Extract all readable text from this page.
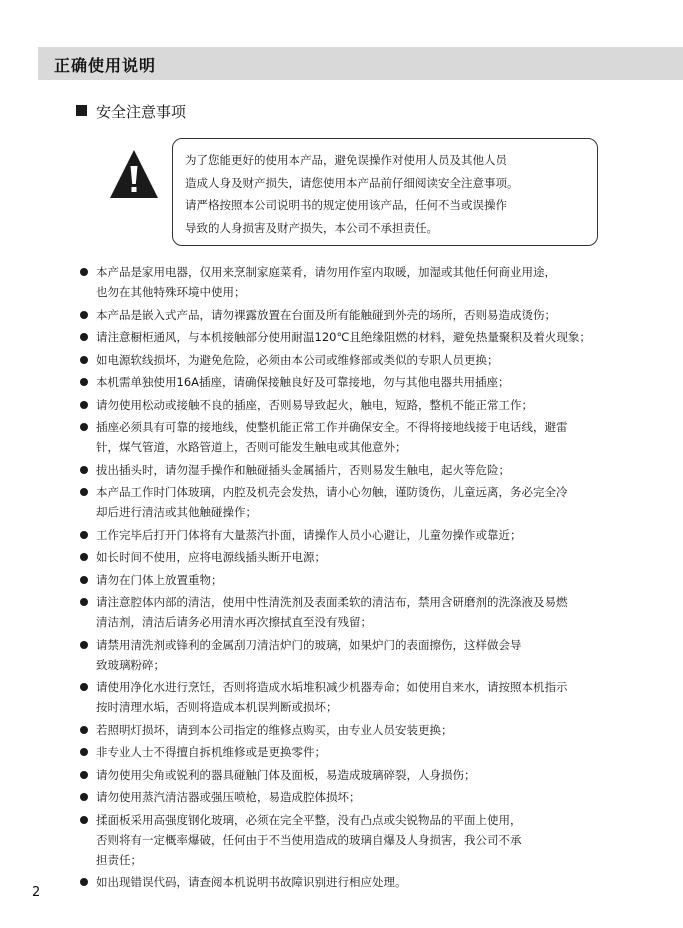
正确使用说明
安全注意事项
为了您能更好的使用本产品，避免误操作对使用人员及其他人员
造成人身及财产损失，请您使用本产品前仔细阅读安全注意事项。
请严格按照本公司说明书的规定使用该产品，任何不当或误操作
导致的人身损害及财产损失，本公司不承担责任。
本产品是家用电器，仅用来烹制家庭菜肴，请勿用作室内取暖，加湿或其他任何商业用途，
也勿在其他特殊环境中使用；
本产品是嵌入式产品，请勿裸露放置在台面及所有能触碰到外壳的场所，否则易造成烫伤；
请注意橱柜通风，与本机接触部分使用耐温120℃且绝缘阻燃的材料，避免热量聚积及着火现象；
如电源软线损坏，为避免危险，必须由本公司或维修部或类似的专职人员更换；
本机需单独使用16A插座，请确保接触良好及可靠接地，勿与其他电器共用插座；
请勿使用松动或接触不良的插座，否则易导致起火，触电，短路，整机不能正常工作；
插座必须具有可靠的接地线，使整机能正常工作并确保安全。不得将接地线接于电话线，避雷
针，煤气管道，水路管道上，否则可能发生触电或其他意外；
拔出插头时，请勿湿手操作和触碰插头金属插片，否则易发生触电，起火等危险；
本产品工作时门体玻璃，内腔及机壳会发热，请小心勿触，谨防烫伤，儿童远离，务必完全冷
却后进行清洁或其他触碰操作；
工作完毕后打开门体将有大量蒸汽扑面，请操作人员小心避让，儿童勿操作或靠近；
如长时间不使用，应将电源线插头断开电源；
请勿在门体上放置重物；
请注意腔体内部的清洁，使用中性清洗剂及表面柔软的清洁布，禁用含研磨剂的洗涤液及易燃
清洁剂，清洁后请务必用清水再次擦拭直至没有残留；
请禁用清洗剂或锋利的金属刮刀清洁炉门的玻璃，如果炉门的表面擦伤，这样做会导
致玻璃粉碎；
请使用净化水进行烹饪，否则将造成水垢堆积减少机器寿命；如使用自来水，请按照本机指示
按时清理水垢，否则将造成本机误判断或损坏；
若照明灯损坏，请到本公司指定的维修点购买，由专业人员安装更换；
非专业人士不得擅自拆机维修或是更换零件；
请勿使用尖角或锐利的器具碰触门体及面板，易造成玻璃碎裂，人身损伤；
请勿使用蒸汽清洁器或强压喷枪，易造成腔体损坏；
揉面板采用高强度钢化玻璃，必须在完全平整，没有凸点或尖锐物品的平面上使用，
否则将有一定概率爆破，任何由于不当使用造成的玻璃自爆及人身损害，我公司不承
担责任；
如出现错误代码，请查阅本机说明书故障识别进行相应处理。
2
